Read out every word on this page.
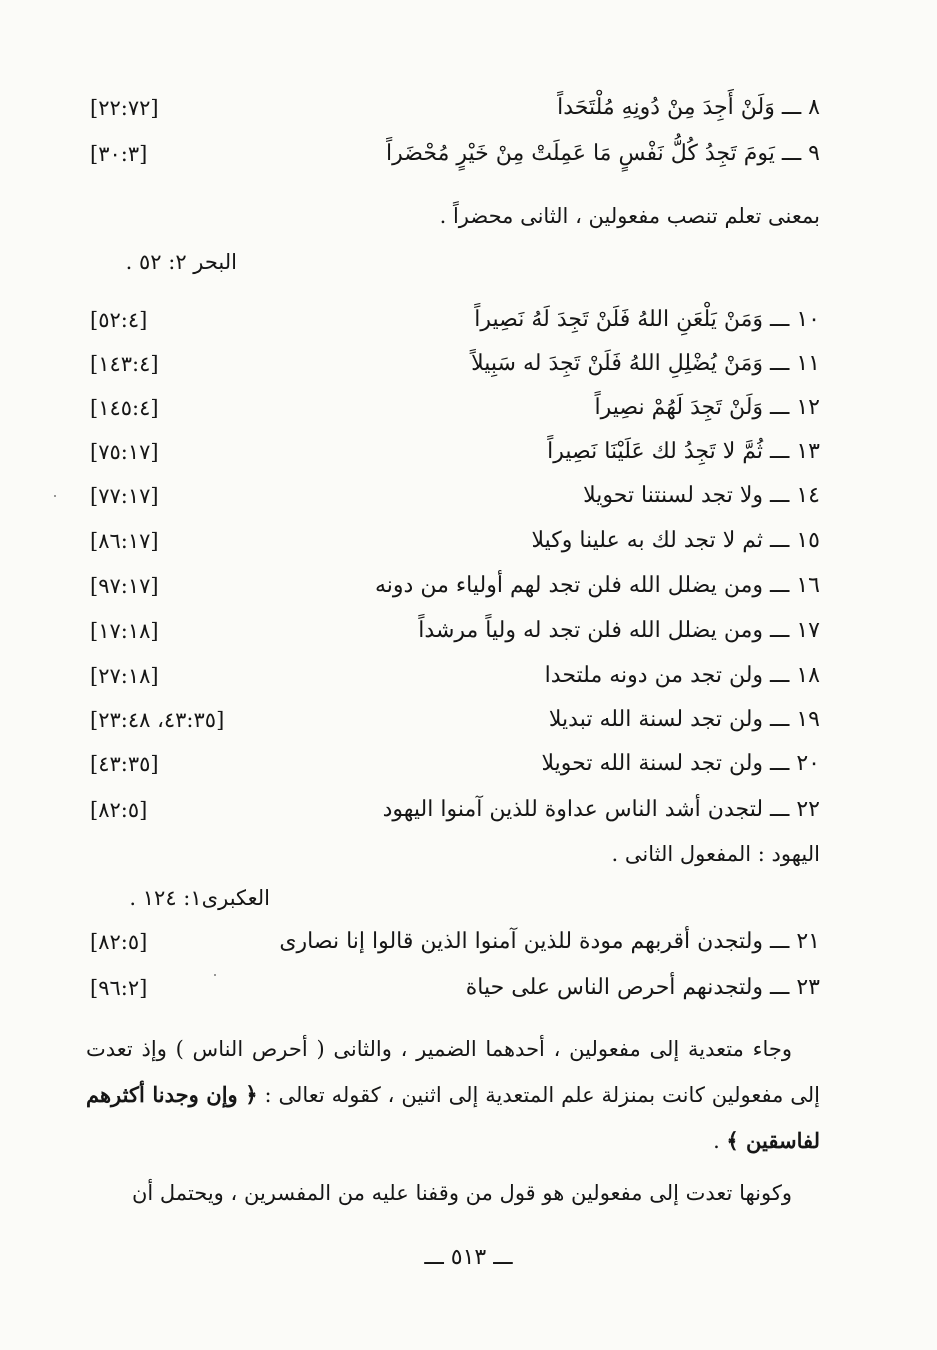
٨ ـــ وَلَنْ أَجِدَ مِنْ دُونِهِ مُلْتَحَداً
[٢٢:٧٢]
٩ ـــ يَومَ تَجِدُ كُلُّ نَفْسٍ مَا عَمِلَتْ مِنْ خَيْرٍ مُحْضَراً
[٣٠:٣]
بمعنى تعلم تنصب مفعولين ، الثانى محضراً .
البحر ٢: ٥٢ .
١٠ ـــ وَمَنْ يَلْعَنِ اللهُ فَلَنْ تَجِدَ لَهُ نَصِيراً
[٥٢:٤]
١١ ـــ وَمَنْ يُضْلِلِ اللهُ فَلَنْ تَجِدَ له سَبِيلاً
[١٤٣:٤]
١٢ ـــ وَلَنْ تَجِدَ لَهُمْ نصِيراً
[١٤٥:٤]
١٣ ـــ ثُمَّ لا تَجِدُ لك عَلَيْنَا نَصِيراً
[٧٥:١٧]
١٤ ـــ ولا تجد لسنتنا تحويلا
[٧٧:١٧]
١٥ ـــ ثم لا تجد لك به علينا وكيلا
[٨٦:١٧]
١٦ ـــ ومن يضلل الله فلن تجد لهم أولياء من دونه
[٩٧:١٧]
١٧ ـــ ومن يضلل الله فلن تجد له ولياً مرشداً
[١٧:١٨]
١٨ ـــ ولن تجد من دونه ملتحدا
[٢٧:١٨]
١٩ ـــ ولن تجد لسنة الله تبديلا
[٤٣:٣٥، ٢٣:٤٨]
٢٠ ـــ ولن تجد لسنة الله تحويلا
[٤٣:٣٥]
٢٢ ـــ لتجدن أشد الناس عداوة للذين آمنوا اليهود
[٨٢:٥]
اليهود : المفعول الثانى .
العكبرى١: ١٢٤ .
٢١ ـــ ولتجدن أقربهم مودة للذين آمنوا الذين قالوا إنا نصارى
[٨٢:٥]
٢٣ ـــ ولتجدنهم أحرص الناس على حياة
[٩٦:٢]
وجاء متعدية إلى مفعولين ، أحدهما الضمير ، والثانى ( أحرص الناس ) وإذ تعدت إلى مفعولين كانت بمنزلة علم المتعدية إلى اثنين ، كقوله تعالى : ﴿ وإن وجدنا أكثرهم لفاسقين ﴾ .
وكونها تعدت إلى مفعولين هو قول من وقفنا عليه من المفسرين ، ويحتمل أن
ـــ ٥١٣ ـــ
